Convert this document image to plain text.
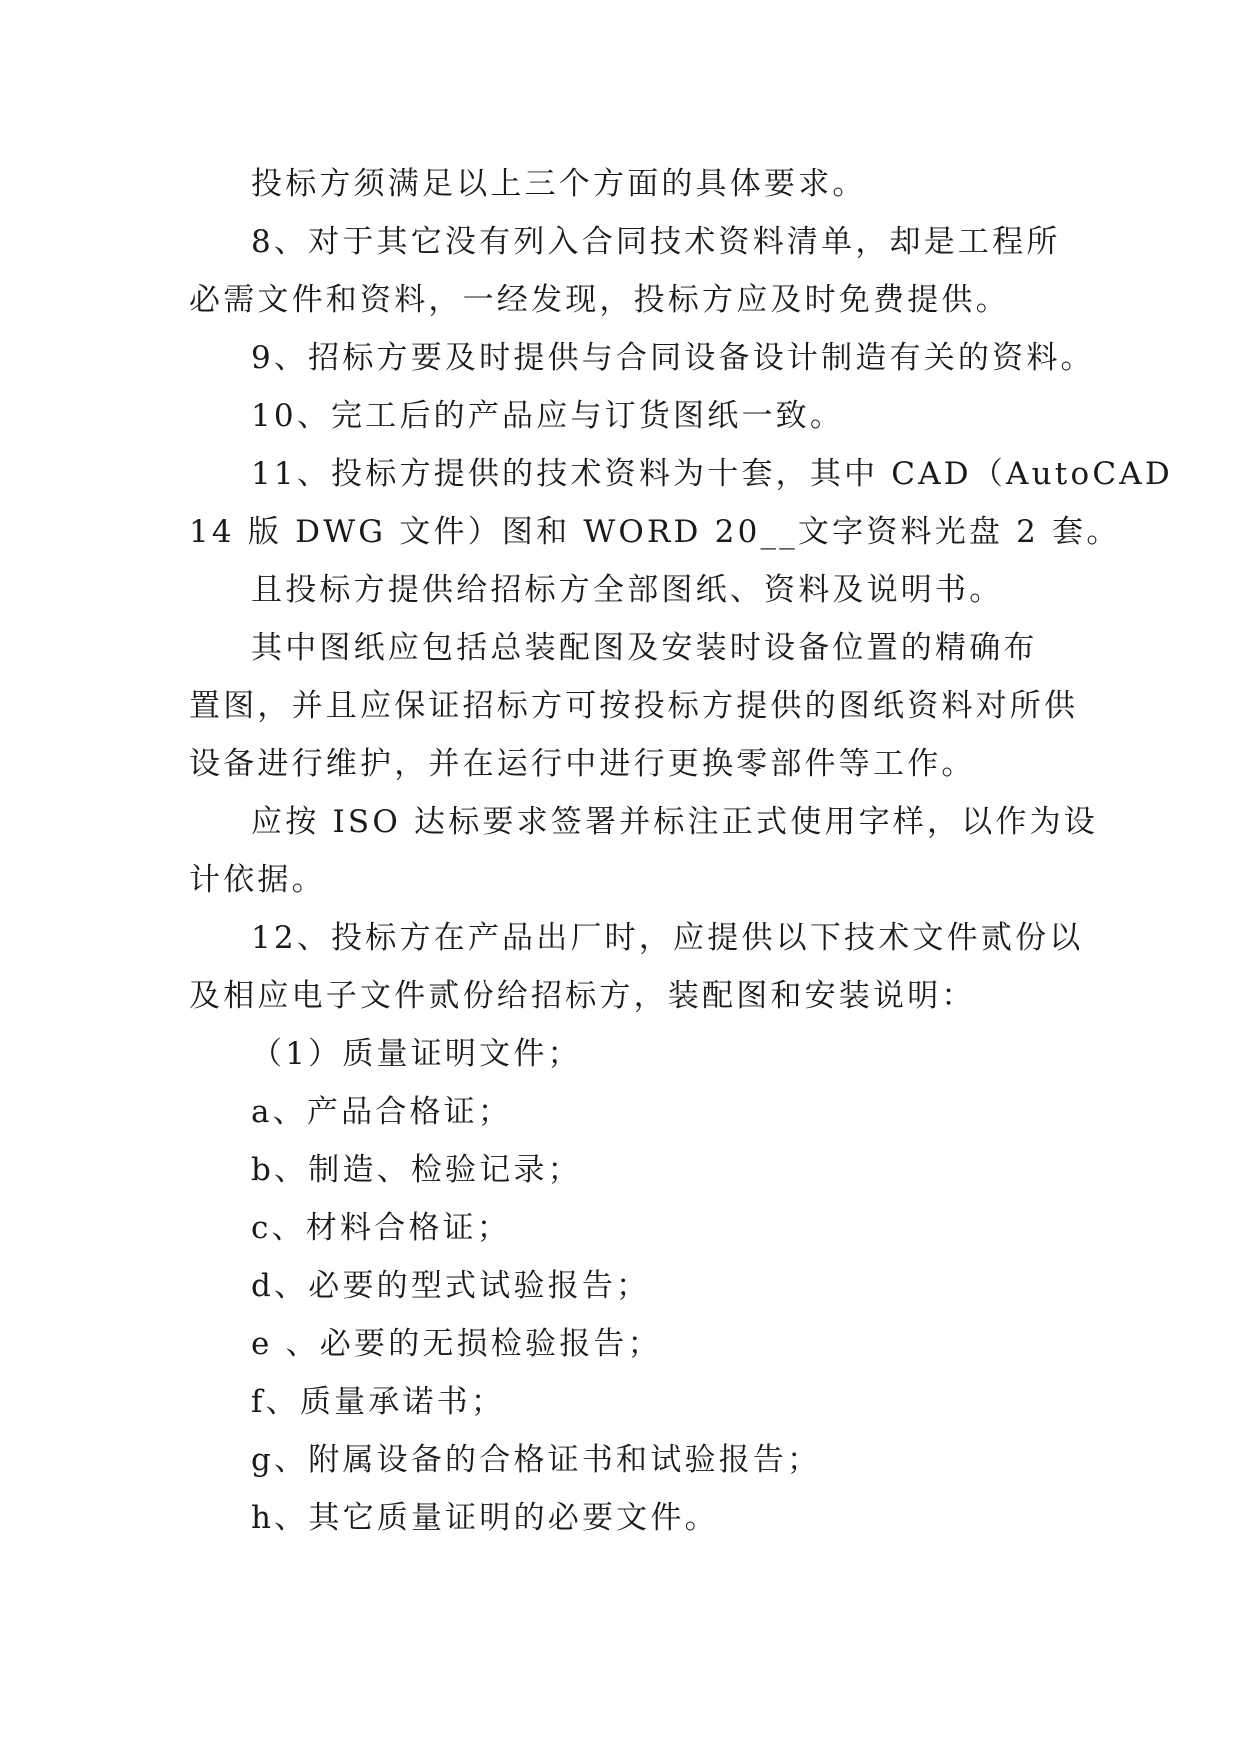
投标方须满足以上三个方面的具体要求。
8、对于其它没有列入合同技术资料清单，却是工程所
必需文件和资料，一经发现，投标方应及时免费提供。
9、招标方要及时提供与合同设备设计制造有关的资料。
10、完工后的产品应与订货图纸一致。
11、投标方提供的技术资料为十套，其中 CAD（AutoCAD
14 版 DWG 文件）图和 WORD 20__文字资料光盘 2 套。
且投标方提供给招标方全部图纸、资料及说明书。
其中图纸应包括总装配图及安装时设备位置的精确布
置图，并且应保证招标方可按投标方提供的图纸资料对所供
设备进行维护，并在运行中进行更换零部件等工作。
应按 ISO 达标要求签署并标注正式使用字样，以作为设
计依据。
12、投标方在产品出厂时，应提供以下技术文件贰份以
及相应电子文件贰份给招标方，装配图和安装说明：
（1）质量证明文件；
a、产品合格证；
b、制造、检验记录；
c、材料合格证；
d、必要的型式试验报告；
e 、必要的无损检验报告；
f、质量承诺书；
g、附属设备的合格证书和试验报告；
h、其它质量证明的必要文件。
